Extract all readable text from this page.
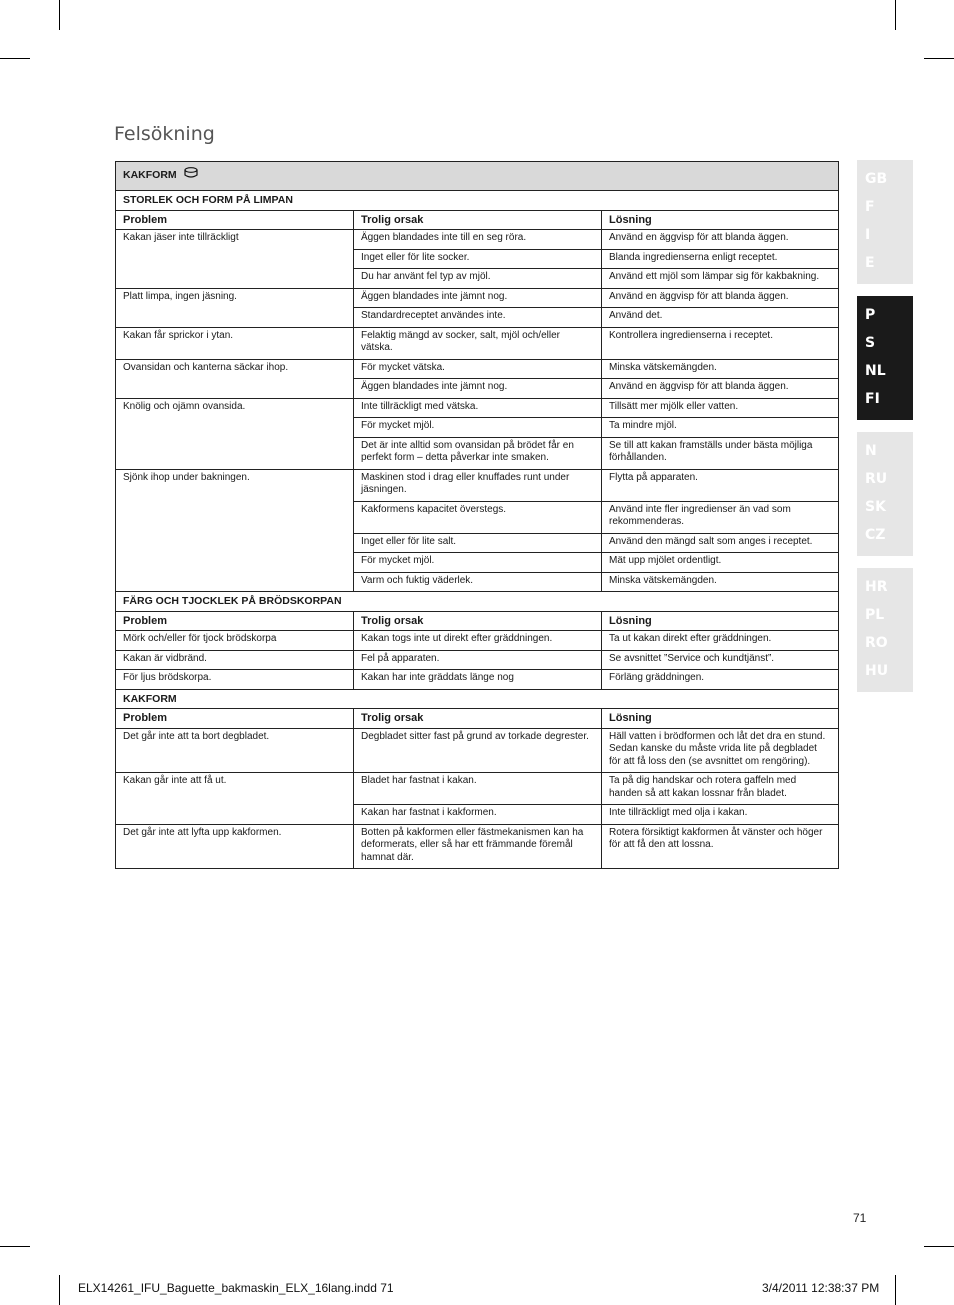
Felsökning
KAKFORM		
STORLEK OCH FORM PÅ LIMPAN		
Problem	Trolig orsak	Lösning
Kakan jäser inte tillräckligt	Äggen blandades inte till en seg röra.	Använd en äggvisp för att blanda äggen.
	Inget eller för lite socker.	Blanda ingredienserna enligt receptet.
	Du har använt fel typ av mjöl.	Använd ett mjöl som lämpar sig för kakbakning.
Platt limpa, ingen jäsning.	Äggen blandades inte jämnt nog.	Använd en äggvisp för att blanda äggen.
	Standardreceptet användes inte.	Använd det.
Kakan får sprickor i ytan.	Felaktig mängd av socker, salt, mjöl och/eller vätska.	Kontrollera ingredienserna i receptet.
Ovansidan och kanterna säckar ihop.	För mycket vätska.	Minska vätskemängden.
	Äggen blandades inte jämnt nog.	Använd en äggvisp för att blanda äggen.
Knölig och ojämn ovansida.	Inte tillräckligt med vätska.	Tillsätt mer mjölk eller vatten.
	För mycket mjöl.	Ta mindre mjöl.
	Det är inte alltid som ovansidan på brödet får en perfekt form – detta påverkar inte smaken.	Se till att kakan framställs under bästa möjliga förhållanden.
Sjönk ihop under bakningen.	Maskinen stod i drag eller knuffades runt under jäsningen.	Flytta på apparaten.
	Kakformens kapacitet överstegs.	Använd inte fler ingredienser än vad som rekommenderas.
	Inget eller för lite salt.	Använd den mängd salt som anges i receptet.
	För mycket mjöl.	Mät upp mjölet ordentligt.
	Varm och fuktig väderlek.	Minska vätskemängden.
FÄRG OCH TJOCKLEK PÅ BRÖDSKORPAN		
Problem	Trolig orsak	Lösning
Mörk och/eller för tjock brödskorpa	Kakan togs inte ut direkt efter gräddningen.	Ta ut kakan direkt efter gräddningen.
Kakan är vidbränd.	Fel på apparaten.	Se avsnittet ”Service och kundtjänst”.
För ljus brödskorpa.	Kakan har inte gräddats länge nog	Förläng gräddningen.
KAKFORM		
Problem	Trolig orsak	Lösning
Det går inte att ta bort degbladet.	Degbladet sitter fast på grund av torkade degrester.	Häll vatten i brödformen och låt det dra en stund. Sedan kanske du måste vrida lite på degbladet för att få loss den (se avsnittet om rengöring).
Kakan går inte att få ut.	Bladet har fastnat i kakan.	Ta på dig handskar och rotera gaffeln med handen så att kakan lossnar från bladet.
	Kakan har fastnat i kakformen.	Inte tillräckligt med olja i kakan.
Det går inte att lyfta upp kakformen.	Botten på kakformen eller fästmekanismen kan ha deformerats, eller så har ett främmande föremål hamnat där.	Rotera försiktigt kakformen åt vänster och höger för att få den att lossna.
GB
F
I
E
P
S
NL
FI
N
RU
SK
CZ
HR
PL
RO
HU
71
ELX14261_IFU_Baguette_bakmaskin_ELX_16lang.indd 71	3/4/2011 12:38:37 PM
